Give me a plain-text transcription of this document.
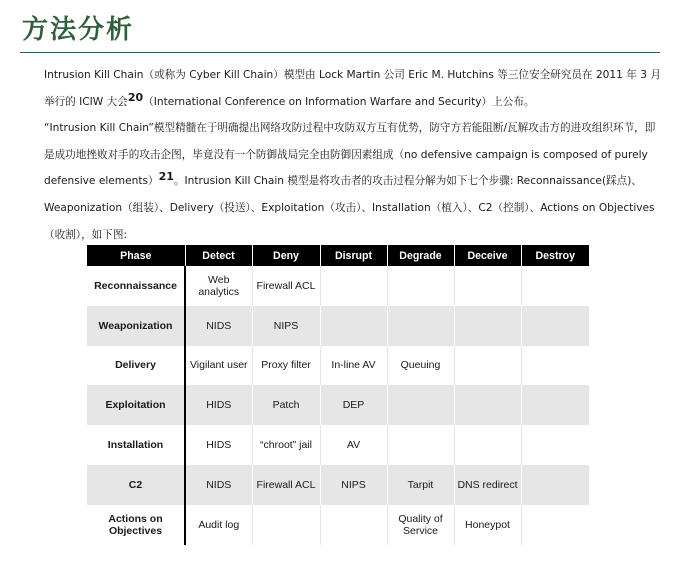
方法分析

Intrusion Kill Chain（或称为 Cyber Kill Chain）模型由 Lock Martin 公司 Eric M. Hutchins 等三位安全研究员在 2011 年 3 月举行的 ICIW 大会$^{20}$（International Conference on Information Warfare and Security）上公布。

“Intrusion Kill Chain”模型精髓在于明确提出网络攻防过程中攻防双方互有优势，防守方若能阻断/瓦解攻击方的进攻组织环节，即是成功地挫败对手的攻击企图，毕竟没有一个防御战局完全由防御因素组成（no defensive campaign is composed of purely defensive elements）$^{21}$。Intrusion Kill Chain 模型是将攻击者的攻击过程分解为如下七个步骤: Reconnaissance(踩点)、Weaponization（组装）、Delivery（投送）、Exploitation（攻击）、Installation（植入）、C2（控制）、Actions on Objectives（收割），如下图:

Phase	Detect	Deny	Disrupt	Degrade	Deceive	Destroy
Reconnaissance	Web analytics	Firewall ACL				
Weaponization	NIDS	NIPS				
Delivery	Vigilant user	Proxy filter	In-line AV	Queuing		
Exploitation	HIDS	Patch	DEP			
Installation	HIDS	“chroot” jail	AV			
C2	NIDS	Firewall ACL	NIPS	Tarpit	DNS redirect	
Actions on Objectives	Audit log			Quality of Service	Honeypot	
